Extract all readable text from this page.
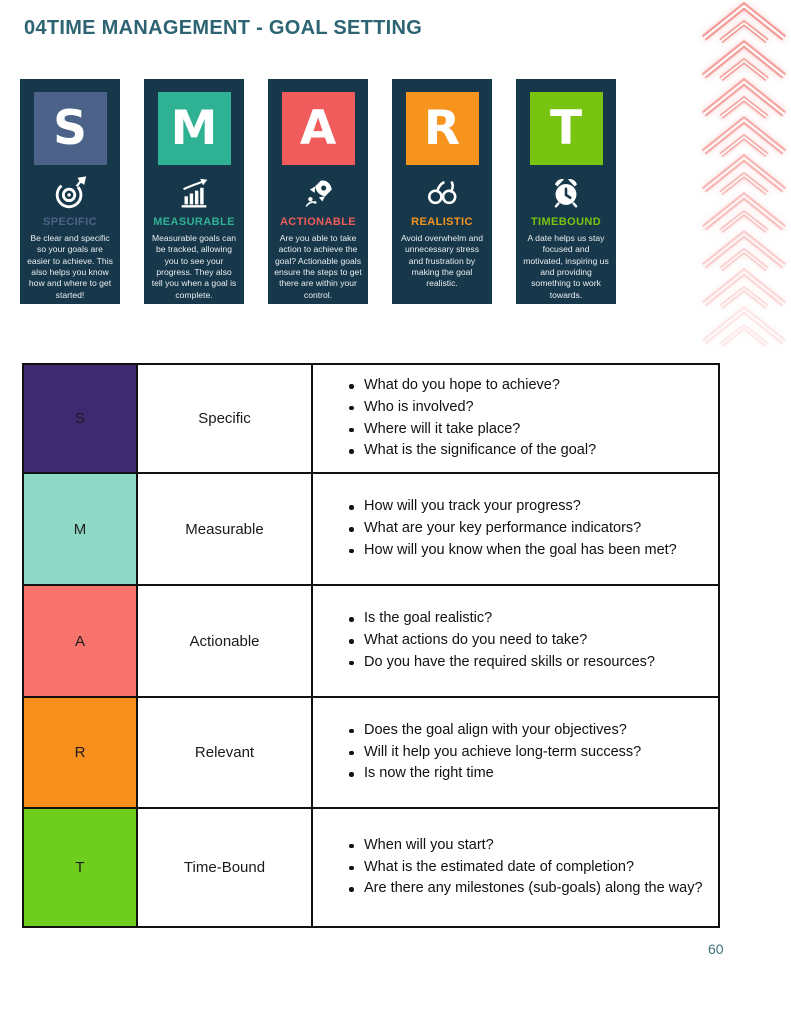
04TIME MANAGEMENT - GOAL SETTING
S
SPECIFIC

Be clear and specific so your goals are easier to achieve. This also helps you know how and where to get started!

M
MEASURABLE

Measurable goals can be tracked, allowing you to see your progress. They also tell you when a goal is complete.

A
ACTIONABLE

Are you able to take action to achieve the goal? Actionable goals ensure the steps to get there are within your control.

R
REALISTIC

Avoid overwhelm and unnecessary stress and frustration by making the goal realistic.

T
TIMEBOUND

A date helps us stay focused and motivated, inspiring us and providing something to work towards.

S	Specific	
What do you hope to achieve?
Who is involved?
Where will it take place?
What is the significance of the goal?

M	Measurable	
How will you track your progress?
What are your key performance indicators?
How will you know when the goal has been met?

A	Actionable	
Is the goal realistic?
What actions do you need to take?
Do you have the required skills or resources?

R	Relevant	
Does the goal align with your objectives?
Will it help you achieve long-term success?
Is now the right time

T	Time-Bound	
When will you start?
What is the estimated date of completion?
Are there any milestones (sub-goals) along the way?
60
